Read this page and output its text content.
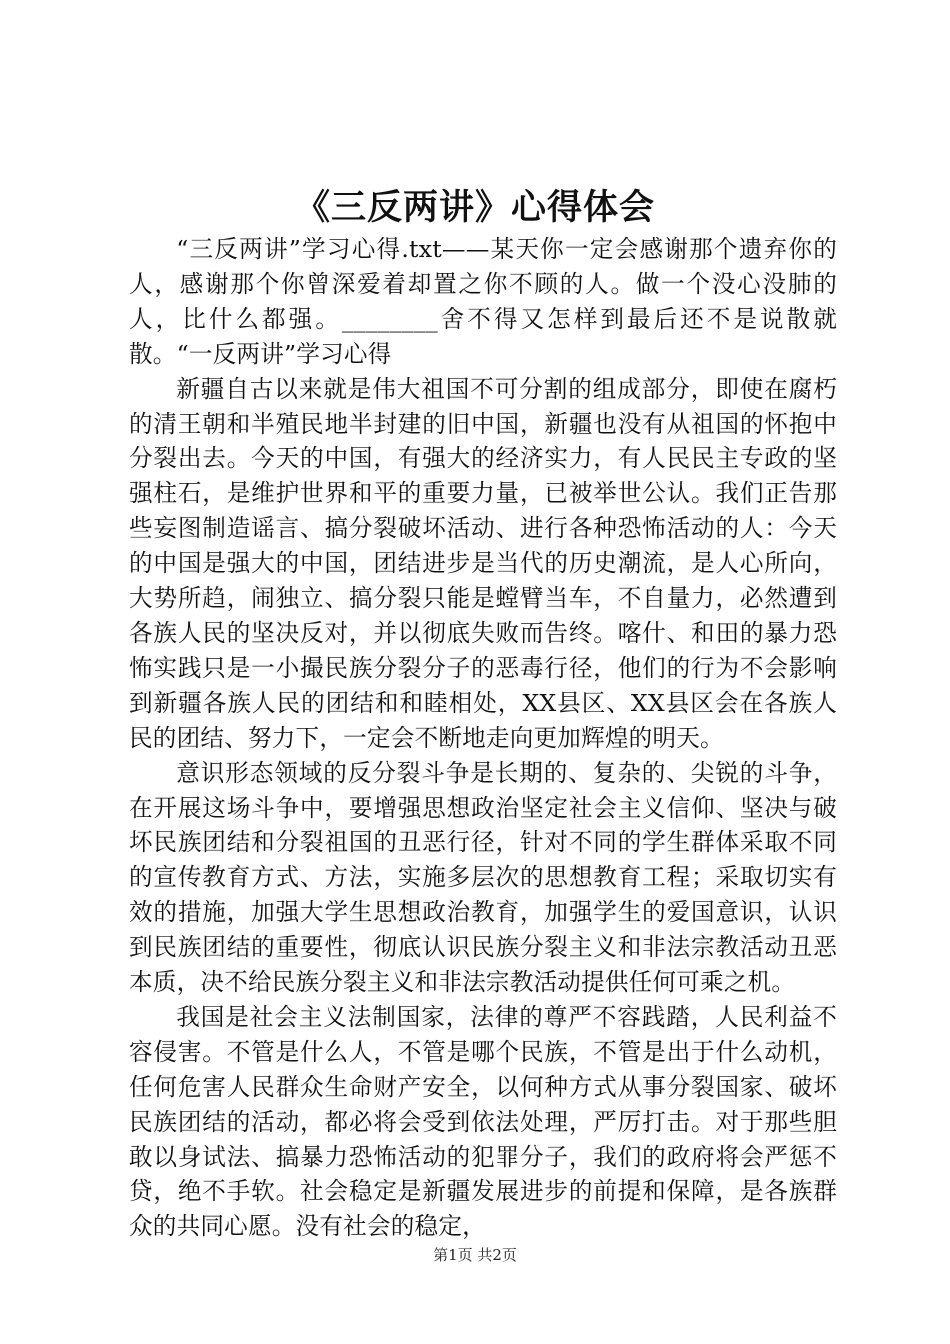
《三反两讲》心得体会

“三反两讲”学习心得.txt——某天你一定会感谢那个遗弃你的人，感谢那个你曾深爱着却置之你不顾的人。做一个没心没肺的人，比什么都强。________舍不得又怎样到最后还不是说散就散。“一反两讲”学习心得

新疆自古以来就是伟大祖国不可分割的组成部分，即使在腐朽的清王朝和半殖民地半封建的旧中国，新疆也没有从祖国的怀抱中分裂出去。今天的中国，有强大的经济实力，有人民民主专政的坚强柱石，是维护世界和平的重要力量，已被举世公认。我们正告那些妄图制造谣言、搞分裂破坏活动、进行各种恐怖活动的人：今天的中国是强大的中国，团结进步是当代的历史潮流，是人心所向，大势所趋，闹独立、搞分裂只能是螳臂当车，不自量力，必然遭到各族人民的坚决反对，并以彻底失败而告终。喀什、和田的暴力恐怖实践只是一小撮民族分裂分子的恶毒行径，他们的行为不会影响到新疆各族人民的团结和和睦相处，XX县区、XX县区会在各族人民的团结、努力下，一定会不断地走向更加辉煌的明天。

意识形态领域的反分裂斗争是长期的、复杂的、尖锐的斗争，在开展这场斗争中，要增强思想政治坚定社会主义信仰、坚决与破坏民族团结和分裂祖国的丑恶行径，针对不同的学生群体采取不同的宣传教育方式、方法，实施多层次的思想教育工程；采取切实有效的措施，加强大学生思想政治教育，加强学生的爱国意识，认识到民族团结的重要性，彻底认识民族分裂主义和非法宗教活动丑恶本质，决不给民族分裂主义和非法宗教活动提供任何可乘之机。

我国是社会主义法制国家，法律的尊严不容践踏，人民利益不容侵害。不管是什么人，不管是哪个民族，不管是出于什么动机，任何危害人民群众生命财产安全，以何种方式从事分裂国家、破坏民族团结的活动，都必将会受到依法处理，严厉打击。对于那些胆敢以身试法、搞暴力恐怖活动的犯罪分子，我们的政府将会严惩不贷，绝不手软。社会稳定是新疆发展进步的前提和保障，是各族群众的共同心愿。没有社会的稳定，

第1页 共2页
